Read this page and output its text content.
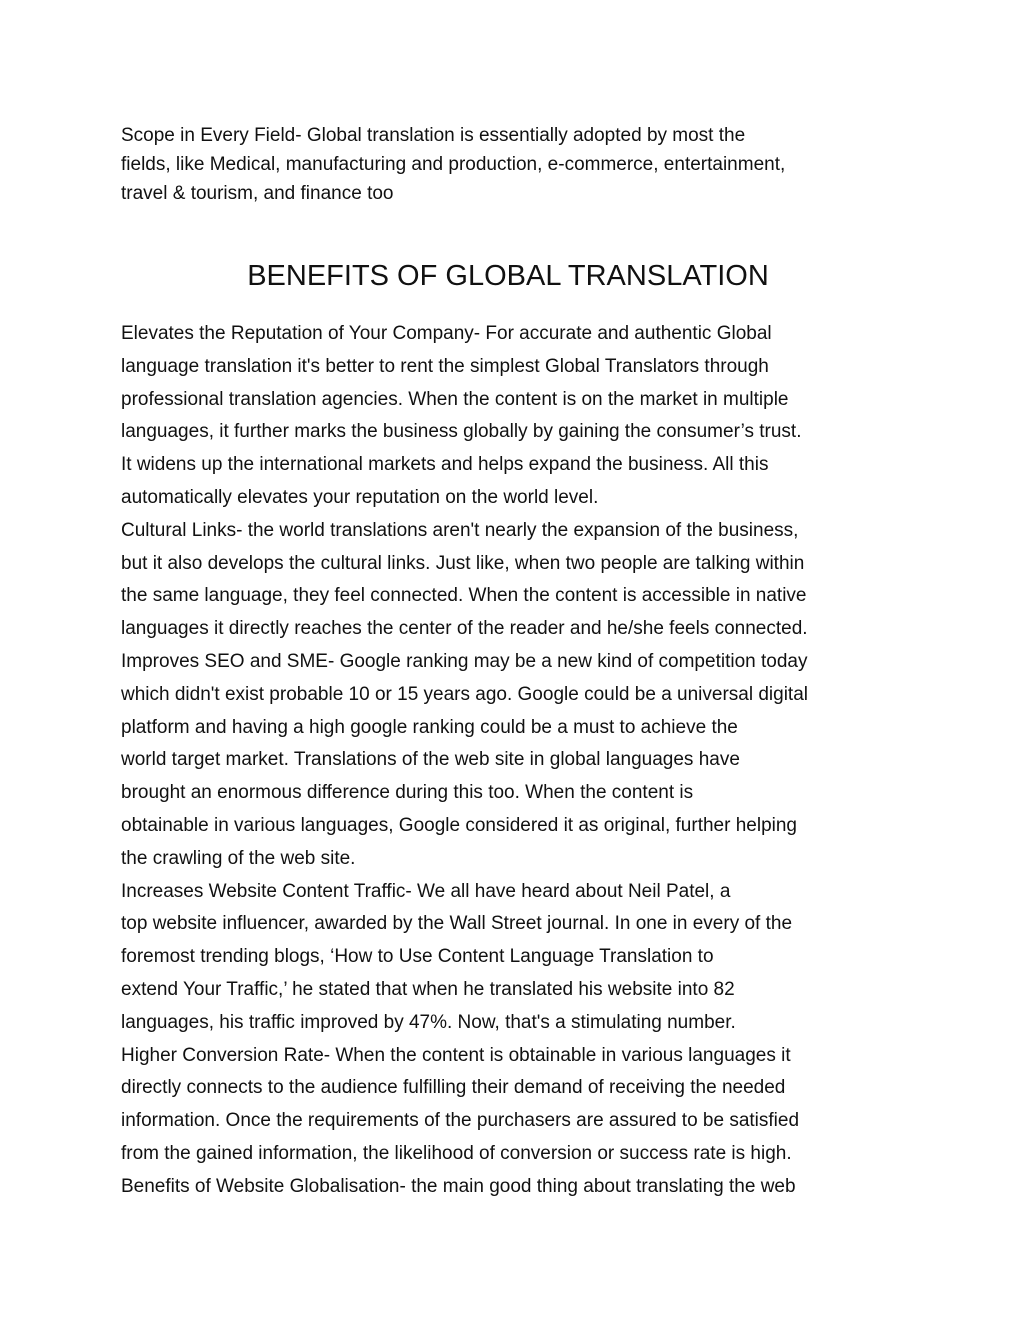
Scope in Every Field- Global translation is essentially adopted by most the
fields, like Medical, manufacturing and production, e-commerce, entertainment,
travel & tourism, and finance too
BENEFITS OF GLOBAL TRANSLATION
Elevates the Reputation of Your Company- For accurate and authentic Global
language translation it's better to rent the simplest Global Translators through
professional translation agencies. When the content is on the market in multiple
languages, it further marks the business globally by gaining the consumer’s trust.
It widens up the international markets and helps expand the business. All this
automatically elevates your reputation on the world level.
Cultural Links- the world translations aren't nearly the expansion of the business,
but it also develops the cultural links. Just like, when two people are talking within
the same language, they feel connected. When the content is accessible in native
languages it directly reaches the center of the reader and he/she feels connected.
Improves SEO and SME- Google ranking may be a new kind of competition today
which didn't exist probable 10 or 15 years ago. Google could be a universal digital
platform and having a high google ranking could be a must to achieve the
world target market. Translations of the web site in global languages have
brought an enormous difference during this too. When the content is
obtainable in various languages, Google considered it as original, further helping
the crawling of the web site.
Increases Website Content Traffic- We all have heard about Neil Patel, a
top website influencer, awarded by the Wall Street journal. In one in every of the
foremost trending blogs, ‘How to Use Content Language Translation to
extend Your Traffic,’ he stated that when he translated his website into 82
languages, his traffic improved by 47%. Now, that's a stimulating number.
Higher Conversion Rate- When the content is obtainable in various languages it
directly connects to the audience fulfilling their demand of receiving the needed
information. Once the requirements of the purchasers are assured to be satisfied
from the gained information, the likelihood of conversion or success rate is high.
Benefits of Website Globalisation- the main good thing about translating the web
